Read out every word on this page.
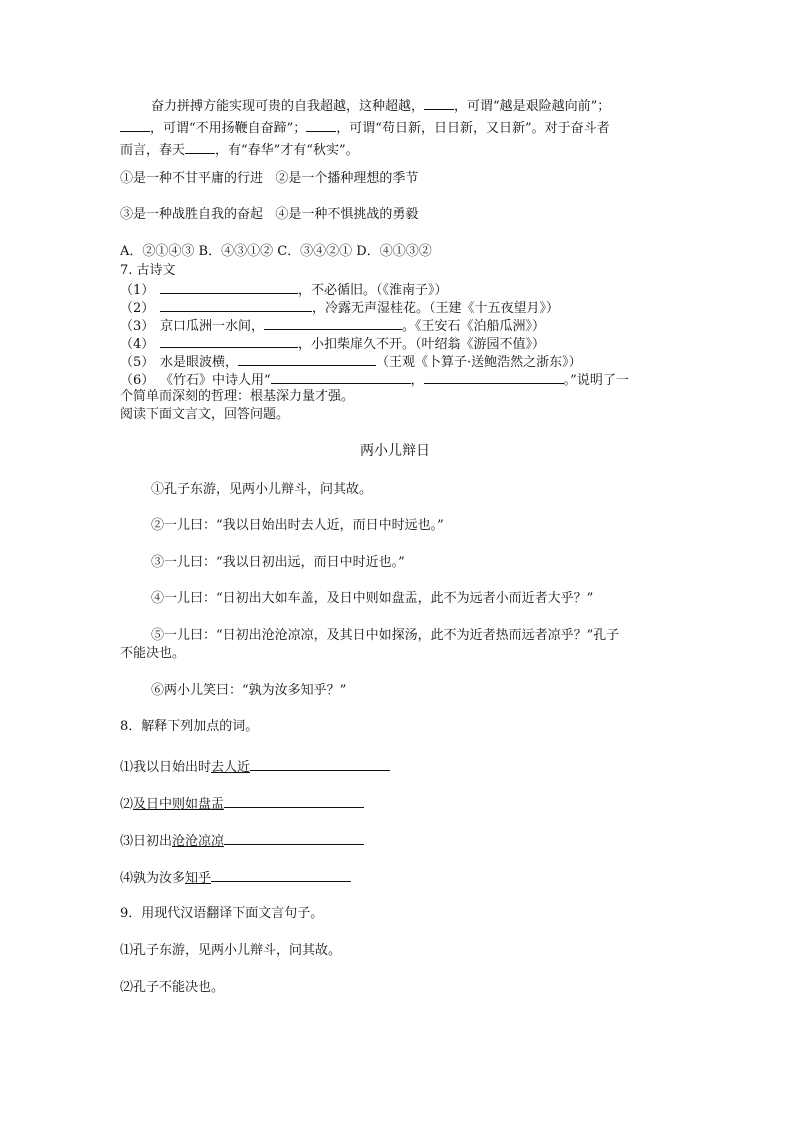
奋力拼搏方能实现可贵的自我超越，这种超越， ，可谓“越是艰险越向前”；
，可谓“不用扬鞭自奋蹄”； ，可谓“苟日新，日日新，又日新”。对于奋斗者
而言，春天 ，有“春华”才有“秋实”。
①是一种不甘平庸的行进 ②是一个播种理想的季节
③是一种战胜自我的奋起 ④是一种不惧挑战的勇毅
A．②①④③ B．④③①② C．③④②① D．④①③②
7. 古诗文
（1）	，不必循旧。（《淮南子》）
（2）	，冷露无声湿桂花。（王建《十五夜望月》）
（3） 京口瓜洲一水间，	。《王安石《泊船瓜洲》）
（4）	，小扣柴扉久不开。（叶绍翁《游园不值》）
（5） 水是眼波横，	（王观《卜算子·送鲍浩然之浙东》）
（6） 《竹石》中诗人用“	，	。”说明了一
个简单而深刻的哲理：根基深力量才强。
阅读下面文言文，回答问题。
两小儿辩日
①孔子东游，见两小儿辩斗，问其故。
②一儿曰：“我以日始出时去人近，而日中时远也。”
③一儿曰：“我以日初出远，而日中时近也。”
④一儿曰：“日初出大如车盖，及日中则如盘盂，此不为远者小而近者大乎？”
⑤一儿曰：“日初出沧沧凉凉，及其日中如探汤，此不为近者热而远者凉乎？”孔子
不能决也。
⑥两小儿笑曰：“孰为汝多知乎？”
8．解释下列加点的词。
⑴我以日始出时去人近
⑵及日中则如盘盂
⑶日初出沧沧凉凉
⑷孰为汝多知乎
9．用现代汉语翻译下面文言句子。
⑴孔子东游，见两小儿辩斗，问其故。
⑵孔子不能决也。
